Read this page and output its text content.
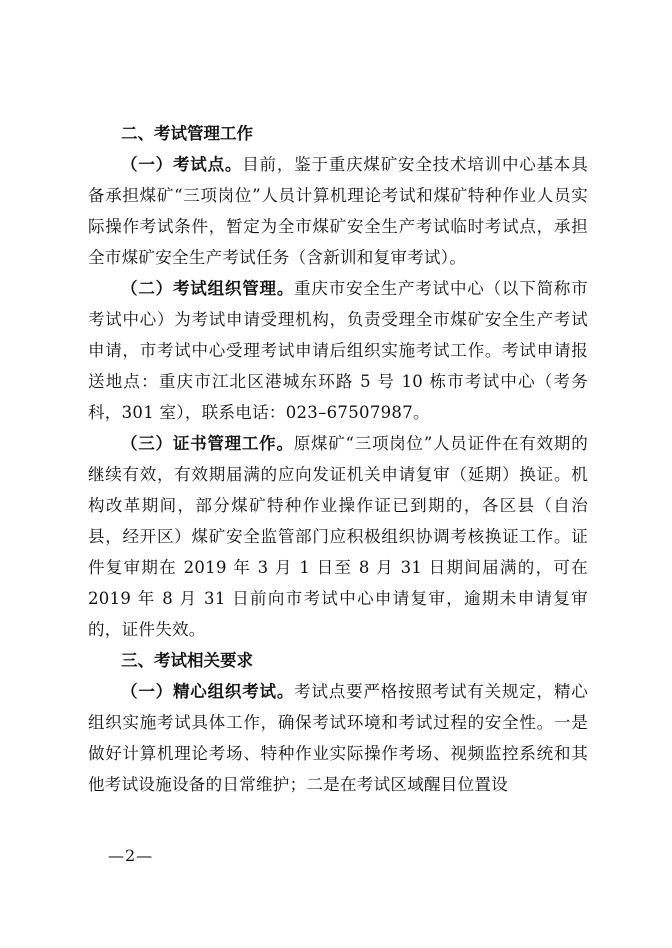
二、考试管理工作

（一）考试点。目前，鉴于重庆煤矿安全技术培训中心基本具备承担煤矿“三项岗位”人员计算机理论考试和煤矿特种作业人员实际操作考试条件，暂定为全市煤矿安全生产考试临时考试点，承担全市煤矿安全生产考试任务（含新训和复审考试）。

（二）考试组织管理。重庆市安全生产考试中心（以下简称市考试中心）为考试申请受理机构，负责受理全市煤矿安全生产考试申请，市考试中心受理考试申请后组织实施考试工作。考试申请报送地点：重庆市江北区港城东环路 5 号 10 栋市考试中心（考务科，301 室），联系电话：023–67507987。

（三）证书管理工作。原煤矿“三项岗位”人员证件在有效期的继续有效，有效期届满的应向发证机关申请复审（延期）换证。机构改革期间，部分煤矿特种作业操作证已到期的，各区县（自治县，经开区）煤矿安全监管部门应积极组织协调考核换证工作。证件复审期在 2019 年 3 月 1 日至 8 月 31 日期间届满的，可在 2019 年 8 月 31 日前向市考试中心申请复审，逾期未申请复审的，证件失效。

三、考试相关要求

（一）精心组织考试。考试点要严格按照考试有关规定，精心组织实施考试具体工作，确保考试环境和考试过程的安全性。一是做好计算机理论考场、特种作业实际操作考场、视频监控系统和其他考试设施设备的日常维护；二是在考试区域醒目位置设

—2—
